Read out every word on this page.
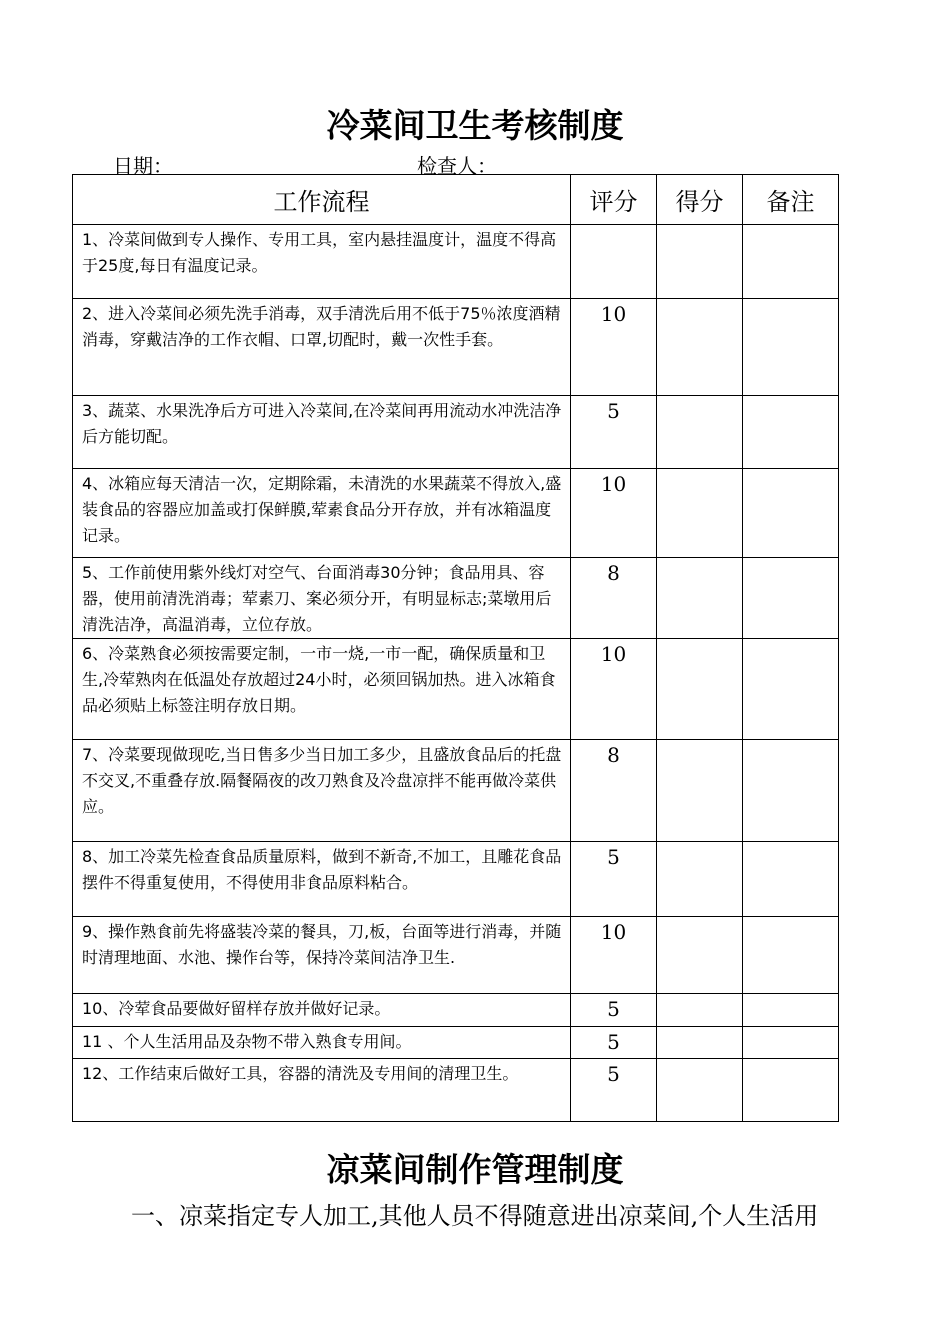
冷菜间卫生考核制度
日期：	检查人：
工作流程	评分	得分	备注
1、冷菜间做到专人操作、专用工具，室内悬挂温度计，温度不得高于25度,每日有温度记录。			
2、进入冷菜间必须先洗手消毒，双手清洗后用不低于75％浓度酒精消毒，穿戴洁净的工作衣帽、口罩,切配时，戴一次性手套。	10		
3、蔬菜、水果洗净后方可进入冷菜间,在冷菜间再用流动水冲洗洁净后方能切配。	5		
4、冰箱应每天清洁一次，定期除霜，未清洗的水果蔬菜不得放入,盛装食品的容器应加盖或打保鲜膜,荤素食品分开存放，并有冰箱温度记录。	10		
5、工作前使用紫外线灯对空气、台面消毒30分钟；食品用具、容器，使用前清洗消毒；荤素刀、案必须分开，有明显标志;菜墩用后清洗洁净，高温消毒，立位存放。	8		
6、冷菜熟食必须按需要定制，一市一烧,一市一配，确保质量和卫生,冷荤熟肉在低温处存放超过24小时，必须回锅加热。进入冰箱食品必须贴上标签注明存放日期。	10		
7、冷菜要现做现吃,当日售多少当日加工多少，且盛放食品后的托盘不交叉,不重叠存放.隔餐隔夜的改刀熟食及冷盘凉拌不能再做冷菜供应。	8		
8、加工冷菜先检查食品质量原料，做到不新奇,不加工，且雕花食品摆件不得重复使用，不得使用非食品原料粘合。	5		
9、操作熟食前先将盛装冷菜的餐具，刀,板，台面等进行消毒，并随时清理地面、水池、操作台等，保持冷菜间洁净卫生.	10		
10、冷荤食品要做好留样存放并做好记录。	5		
11 、个人生活用品及杂物不带入熟食专用间。	5		
12、工作结束后做好工具，容器的清洗及专用间的清理卫生。	5		
凉菜间制作管理制度
一、凉菜指定专人加工,其他人员不得随意进出凉菜间,个人生活用
